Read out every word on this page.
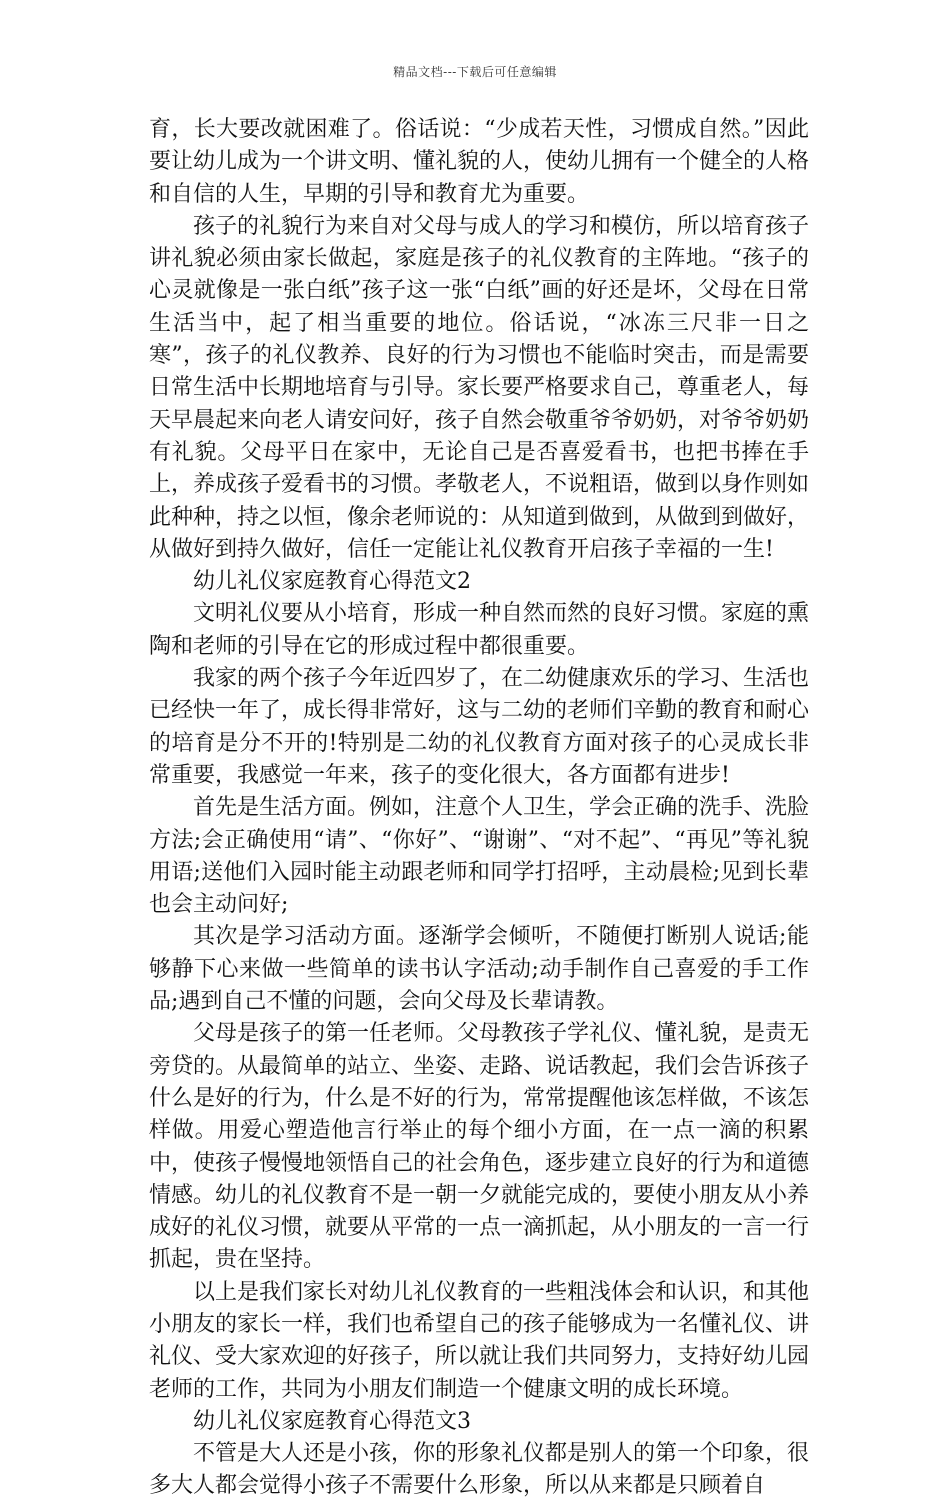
精品文档---下载后可任意编辑

育，长大要改就困难了。俗话说：“少成若天性，习惯成自然。”因此要让幼儿成为一个讲文明、懂礼貌的人，使幼儿拥有一个健全的人格和自信的人生，早期的引导和教育尤为重要。

孩子的礼貌行为来自对父母与成人的学习和模仿，所以培育孩子讲礼貌必须由家长做起，家庭是孩子的礼仪教育的主阵地。“孩子的心灵就像是一张白纸”孩子这一张“白纸”画的好还是坏，父母在日常生活当中，起了相当重要的地位。俗话说，“冰冻三尺非一日之寒”，孩子的礼仪教养、良好的行为习惯也不能临时突击，而是需要日常生活中长期地培育与引导。家长要严格要求自己，尊重老人，每天早晨起来向老人请安问好，孩子自然会敬重爷爷奶奶，对爷爷奶奶有礼貌。父母平日在家中，无论自己是否喜爱看书，也把书捧在手上，养成孩子爱看书的习惯。孝敬老人，不说粗语，做到以身作则如此种种，持之以恒，像余老师说的：从知道到做到，从做到到做好，从做好到持久做好，信任一定能让礼仪教育开启孩子幸福的一生!

幼儿礼仪家庭教育心得范文2

文明礼仪要从小培育，形成一种自然而然的良好习惯。家庭的熏陶和老师的引导在它的形成过程中都很重要。

我家的两个孩子今年近四岁了，在二幼健康欢乐的学习、生活也已经快一年了，成长得非常好，这与二幼的老师们辛勤的教育和耐心的培育是分不开的!特别是二幼的礼仪教育方面对孩子的心灵成长非常重要，我感觉一年来，孩子的变化很大，各方面都有进步!

首先是生活方面。例如，注意个人卫生，学会正确的洗手、洗脸方法;会正确使用“请”、“你好”、“谢谢”、“对不起”、“再见”等礼貌用语;送他们入园时能主动跟老师和同学打招呼，主动晨检;见到长辈也会主动问好;

其次是学习活动方面。逐渐学会倾听，不随便打断别人说话;能够静下心来做一些简单的读书认字活动;动手制作自己喜爱的手工作品;遇到自己不懂的问题，会向父母及长辈请教。

父母是孩子的第一任老师。父母教孩子学礼仪、懂礼貌，是责无旁贷的。从最简单的站立、坐姿、走路、说话教起，我们会告诉孩子什么是好的行为，什么是不好的行为，常常提醒他该怎样做，不该怎样做。用爱心塑造他言行举止的每个细小方面，在一点一滴的积累中，使孩子慢慢地领悟自己的社会角色，逐步建立良好的行为和道德情感。幼儿的礼仪教育不是一朝一夕就能完成的，要使小朋友从小养成好的礼仪习惯，就要从平常的一点一滴抓起，从小朋友的一言一行抓起，贵在坚持。

以上是我们家长对幼儿礼仪教育的一些粗浅体会和认识，和其他小朋友的家长一样，我们也希望自己的孩子能够成为一名懂礼仪、讲礼仪、受大家欢迎的好孩子，所以就让我们共同努力，支持好幼儿园老师的工作，共同为小朋友们制造一个健康文明的成长环境。

幼儿礼仪家庭教育心得范文3

不管是大人还是小孩，你的形象礼仪都是别人的第一个印象，很多大人都会觉得小孩子不需要什么形象，所以从来都是只顾着自
